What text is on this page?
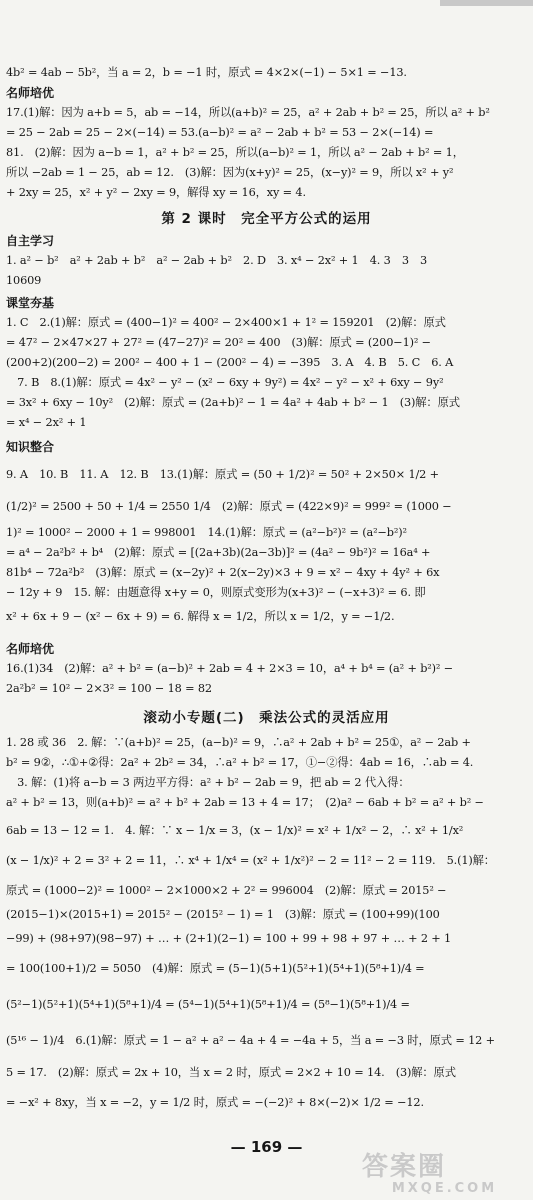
4b² = 4ab − 5b²，当 a = 2，b = −1 时，原式 = 4×2×(−1) − 5×1 = −13.
名师培优
17.(1)解：因为 a+b = 5，ab = −14，所以(a+b)² = 25，a² + 2ab + b² = 25，所以 a² + b²
= 25 − 2ab = 25 − 2×(−14) = 53.(a−b)² = a² − 2ab + b² = 53 − 2×(−14) =
81.　(2)解：因为 a−b = 1，a² + b² = 25，所以(a−b)² = 1，所以 a² − 2ab + b² = 1，
所以 −2ab = 1 − 25，ab = 12.　(3)解：因为(x+y)² = 25，(x−y)² = 9，所以 x² + y²
+ 2xy = 25，x² + y² − 2xy = 9，解得 xy = 16，xy = 4.
第 2 课时　完全平方公式的运用
自主学习
1. a² − b²　a² + 2ab + b²　a² − 2ab + b²　2. D　3. x⁴ − 2x² + 1　4. 3　3　3
10609
课堂夯基
1. C　2.(1)解：原式 = (400−1)² = 400² − 2×400×1 + 1² = 159201　(2)解：原式
= 47² − 2×47×27 + 27² = (47−27)² = 20² = 400　(3)解：原式 = (200−1)² −
(200+2)(200−2) = 200² − 400 + 1 − (200² − 4) = −395　3. A　4. B　5. C　6. A
　7. B　8.(1)解：原式 = 4x² − y² − (x² − 6xy + 9y²) = 4x² − y² − x² + 6xy − 9y²
= 3x² + 6xy − 10y²　(2)解：原式 = (2a+b)² − 1 = 4a² + 4ab + b² − 1　(3)解：原式
= x⁴ − 2x² + 1
知识整合
9. A　10. B　11. A　12. B　13.(1)解：原式 = (50 + 1/2)² = 50² + 2×50× 1/2 +
(1/2)² = 2500 + 50 + 1/4 = 2550 1/4　(2)解：原式 = (422×9)² = 999² = (1000 −
1)² = 1000² − 2000 + 1 = 998001　14.(1)解：原式 = (a²−b²)² = (a²−b²)²
= a⁴ − 2a²b² + b⁴　(2)解：原式 = [(2a+3b)(2a−3b)]² = (4a² − 9b²)² = 16a⁴ +
81b⁴ − 72a²b²　(3)解：原式 = (x−2y)² + 2(x−2y)×3 + 9 = x² − 4xy + 4y² + 6x
− 12y + 9　15. 解：由题意得 x+y = 0，则原式变形为(x+3)² − (−x+3)² = 6. 即
x² + 6x + 9 − (x² − 6x + 9) = 6. 解得 x = 1/2，所以 x = 1/2，y = −1/2.
名师培优
16.(1)34　(2)解：a² + b² = (a−b)² + 2ab = 4 + 2×3 = 10，a⁴ + b⁴ = (a² + b²)² −
2a²b² = 10² − 2×3² = 100 − 18 = 82
滚动小专题(二)　乘法公式的灵活应用
1. 28 或 36　2. 解：∵(a+b)² = 25，(a−b)² = 9，∴a² + 2ab + b² = 25①，a² − 2ab +
b² = 9②，∴①+②得：2a² + 2b² = 34，∴a² + b² = 17，①−②得：4ab = 16，∴ab = 4.
　3. 解：(1)将 a−b = 3 两边平方得：a² + b² − 2ab = 9，把 ab = 2 代入得：
a² + b² = 13，则(a+b)² = a² + b² + 2ab = 13 + 4 = 17；　(2)a² − 6ab + b² = a² + b² −
6ab = 13 − 12 = 1.　4. 解：∵ x − 1/x = 3，(x − 1/x)² = x² + 1/x² − 2，∴ x² + 1/x²
(x − 1/x)² + 2 = 3² + 2 = 11，∴ x⁴ + 1/x⁴ = (x² + 1/x²)² − 2 = 11² − 2 = 119.　5.(1)解：
原式 = (1000−2)² = 1000² − 2×1000×2 + 2² = 996004　(2)解：原式 = 2015² −
(2015−1)×(2015+1) = 2015² − (2015² − 1) = 1　(3)解：原式 = (100+99)(100
−99) + (98+97)(98−97) + … + (2+1)(2−1) = 100 + 99 + 98 + 97 + … + 2 + 1
= 100(100+1)/2 = 5050　(4)解：原式 = (5−1)(5+1)(5²+1)(5⁴+1)(5⁸+1)/4 =
(5²−1)(5²+1)(5⁴+1)(5⁸+1)/4 = (5⁴−1)(5⁴+1)(5⁸+1)/4 = (5⁸−1)(5⁸+1)/4 =
(5¹⁶ − 1)/4　6.(1)解：原式 = 1 − a² + a² − 4a + 4 = −4a + 5，当 a = −3 时，原式 = 12 +
5 = 17.　(2)解：原式 = 2x + 10，当 x = 2 时，原式 = 2×2 + 10 = 14.　(3)解：原式
= −x² + 8xy，当 x = −2，y = 1/2 时，原式 = −(−2)² + 8×(−2)× 1/2 = −12.
— 169 —
答案圈
MXQE.COM
